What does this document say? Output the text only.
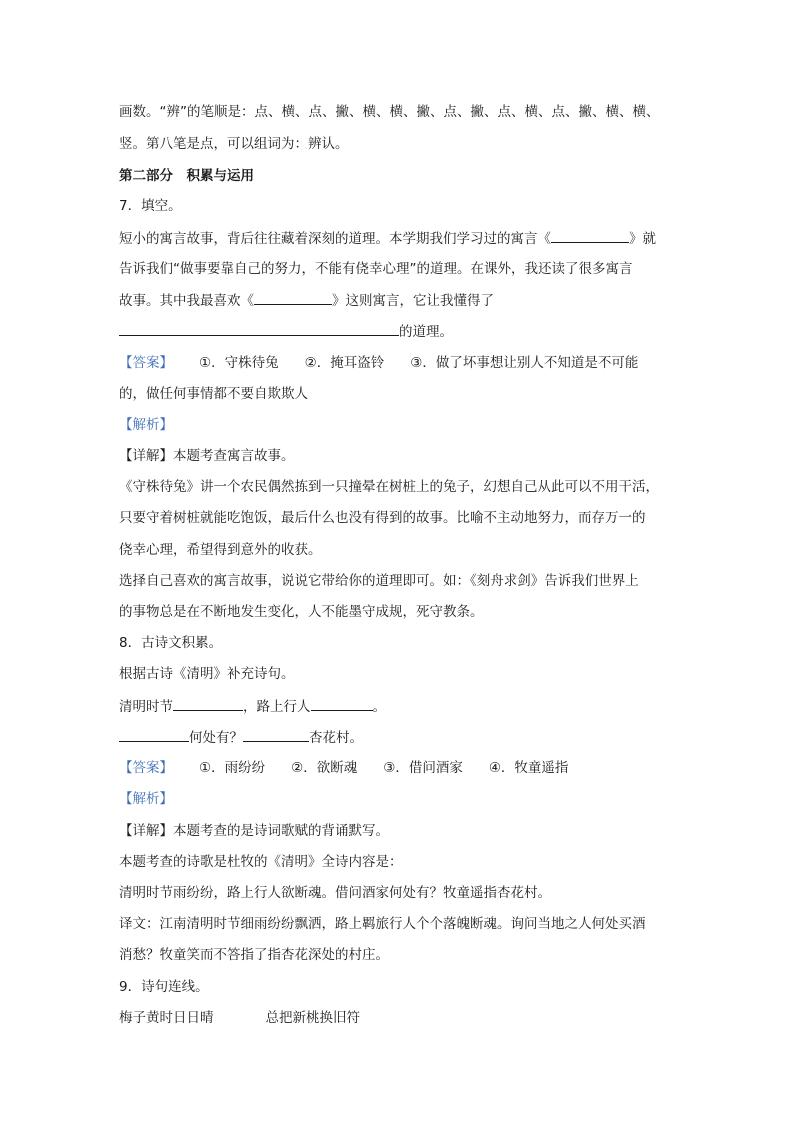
画数。“辨”的笔顺是：点、横、点、撇、横、横、撇、点、撇、点、横、点、撇、横、横、
竖。第八笔是点，可以组词为：辨认。
第二部分　积累与运用
7．填空。
短小的寓言故事，背后往往藏着深刻的道理。本学期我们学习过的寓言《	》就
告诉我们“做事要靠自己的努力，不能有侥幸心理”的道理。在课外，我还读了很多寓言
故事。其中我最喜欢《	》这则寓言，它让我懂得了
的道理。
【答案】 ①．守株待兔 ②．掩耳盗铃 ③．做了坏事想让别人不知道是不可能
的，做任何事情都不要自欺欺人
【解析】
【详解】本题考查寓言故事。
《守株待兔》讲一个农民偶然拣到一只撞晕在树桩上的兔子，幻想自己从此可以不用干活，
只要守着树桩就能吃饱饭，最后什么也没有得到的故事。比喻不主动地努力，而存万一的
侥幸心理，希望得到意外的收获。
选择自己喜欢的寓言故事，说说它带给你的道理即可。如：《刻舟求剑》告诉我们世界上
的事物总是在不断地发生变化，人不能墨守成规，死守教条。
8．古诗文积累。
根据古诗《清明》补充诗句。
清明时节	，路上行人	。
何处有？	杏花村。
【答案】 ①．雨纷纷 ②．欲断魂 ③．借问酒家 ④．牧童遥指
【解析】
【详解】本题考查的是诗词歌赋的背诵默写。
本题考查的诗歌是杜牧的《清明》全诗内容是：
清明时节雨纷纷，路上行人欲断魂。借问酒家何处有？牧童遥指杏花村。
译文：江南清明时节细雨纷纷飘洒，路上羁旅行人个个落魄断魂。询问当地之人何处买酒
消愁？牧童笑而不答指了指杏花深处的村庄。
9．诗句连线。
梅子黄时日日晴	总把新桃换旧符
